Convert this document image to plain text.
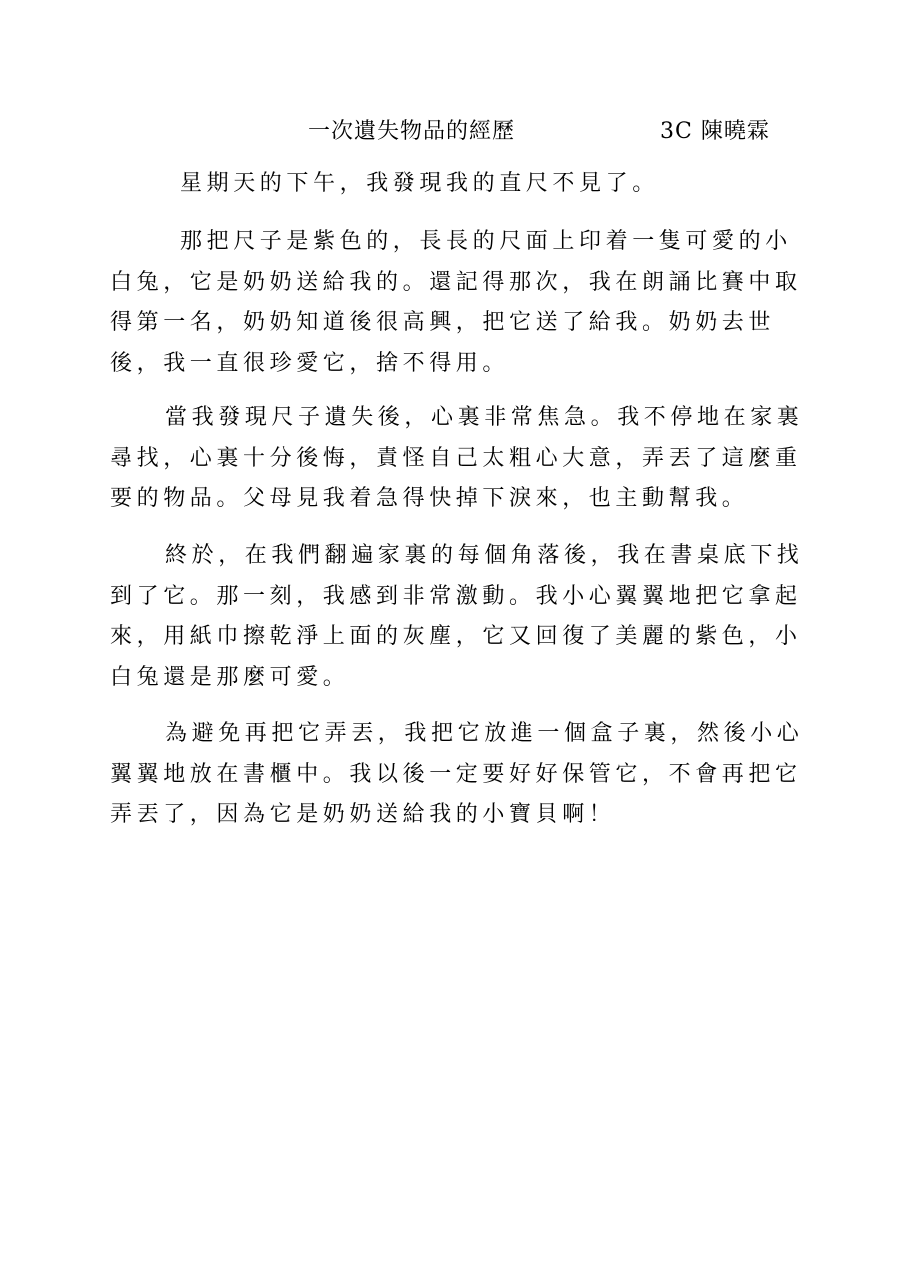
一次遺失物品的經歷	3C 陳曉霖

星期天的下午，我發現我的直尺不見了。

那把尺子是紫色的，長長的尺面上印着一隻可愛的小白兔，它是奶奶送給我的。還記得那次，我在朗誦比賽中取得第一名，奶奶知道後很高興，把它送了給我。奶奶去世後，我一直很珍愛它，捨不得用。

當我發現尺子遺失後，心裏非常焦急。我不停地在家裏尋找，心裏十分後悔，責怪自己太粗心大意，弄丟了這麼重要的物品。父母見我着急得快掉下淚來，也主動幫我。

終於，在我們翻遍家裏的每個角落後，我在書桌底下找到了它。那一刻，我感到非常激動。我小心翼翼地把它拿起來，用紙巾擦乾淨上面的灰塵，它又回復了美麗的紫色，小白兔還是那麼可愛。

為避免再把它弄丟，我把它放進一個盒子裏，然後小心翼翼地放在書櫃中。我以後一定要好好保管它，不會再把它弄丟了，因為它是奶奶送給我的小寶貝啊！
